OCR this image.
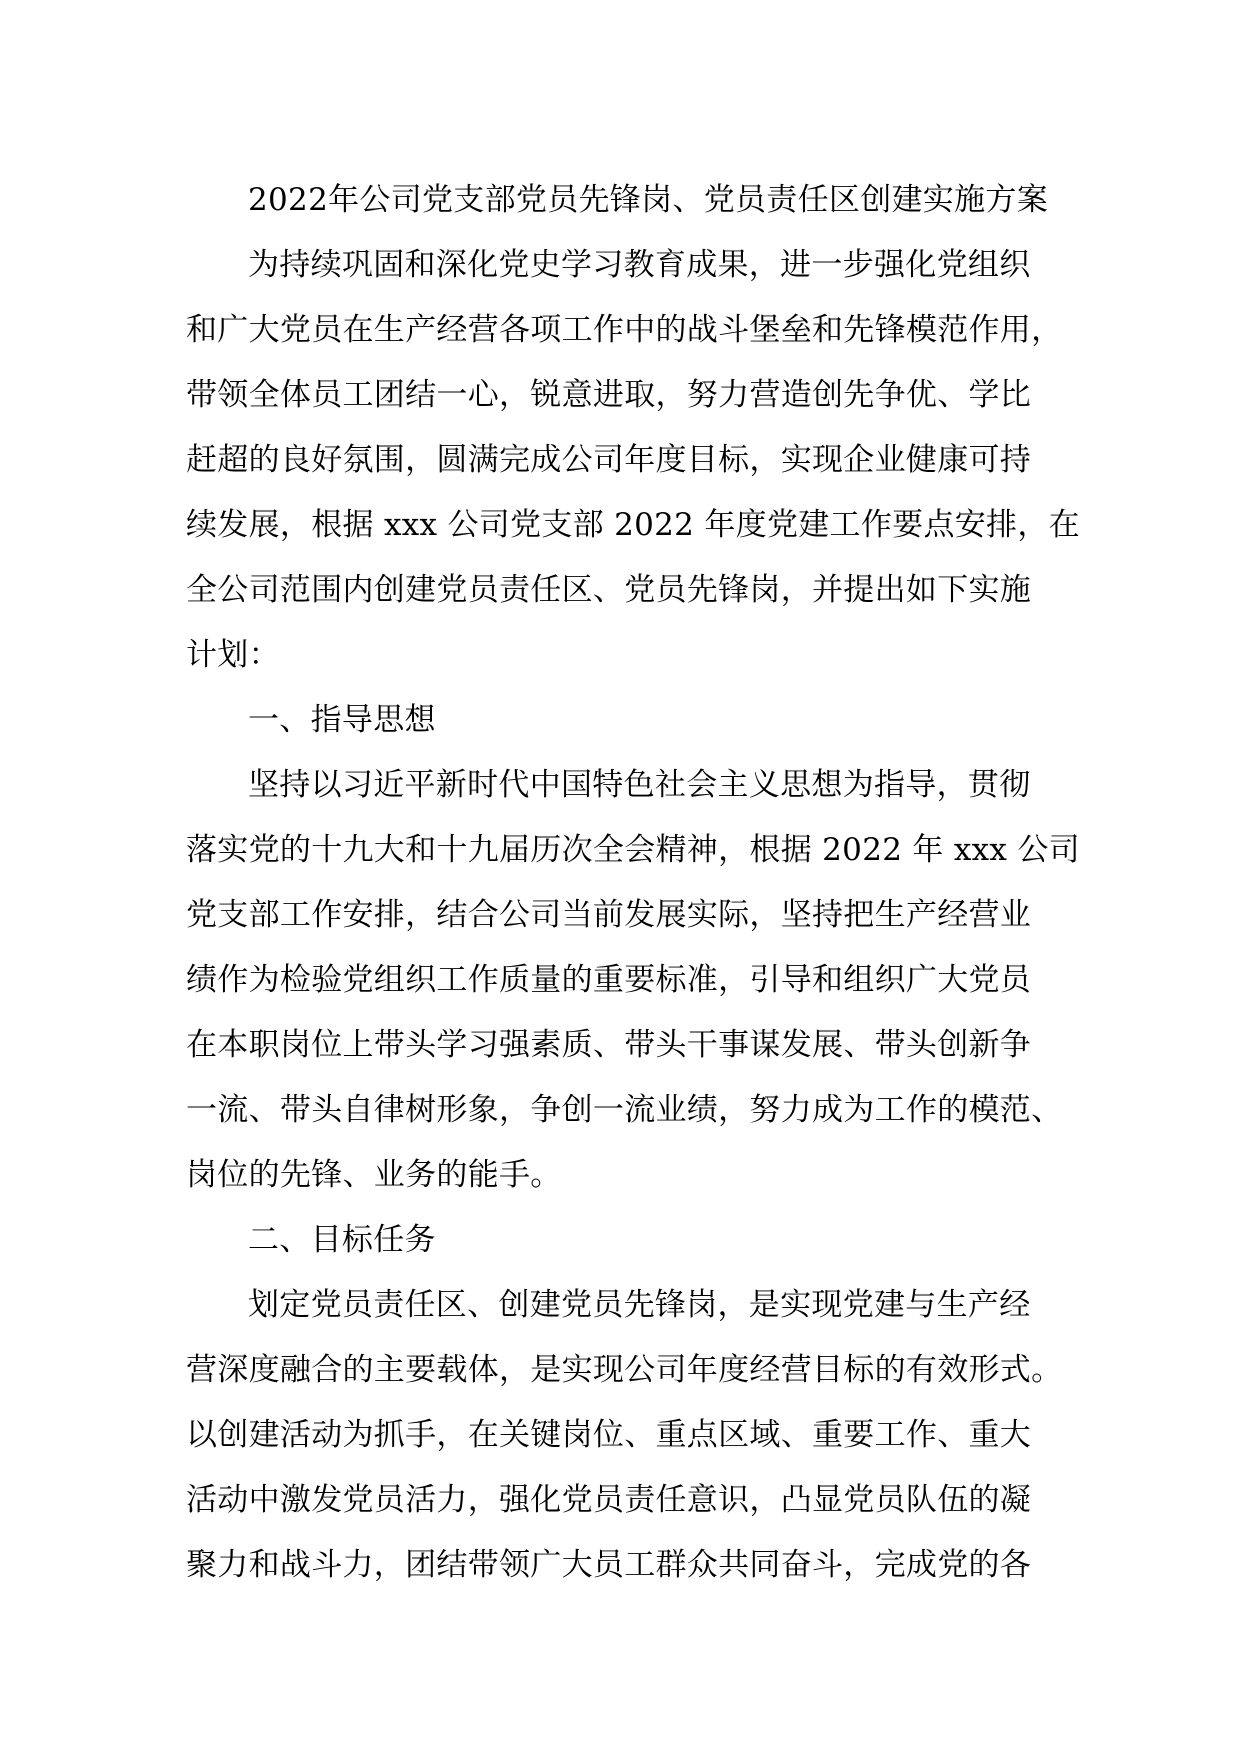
2022年公司党支部党员先锋岗、党员责任区创建实施方案
为持续巩固和深化党史学习教育成果，进一步强化党组织
和广大党员在生产经营各项工作中的战斗堡垒和先锋模范作用，
带领全体员工团结一心，锐意进取，努力营造创先争优、学比
赶超的良好氛围，圆满完成公司年度目标，实现企业健康可持
续发展，根据 xxx 公司党支部 2022 年度党建工作要点安排，在
全公司范围内创建党员责任区、党员先锋岗，并提出如下实施
计划：
一、指导思想
坚持以习近平新时代中国特色社会主义思想为指导，贯彻
落实党的十九大和十九届历次全会精神，根据 2022 年 xxx 公司
党支部工作安排，结合公司当前发展实际，坚持把生产经营业
绩作为检验党组织工作质量的重要标准，引导和组织广大党员
在本职岗位上带头学习强素质、带头干事谋发展、带头创新争
一流、带头自律树形象，争创一流业绩，努力成为工作的模范、
岗位的先锋、业务的能手。
二、目标任务
划定党员责任区、创建党员先锋岗，是实现党建与生产经
营深度融合的主要载体，是实现公司年度经营目标的有效形式。
以创建活动为抓手，在关键岗位、重点区域、重要工作、重大
活动中激发党员活力，强化党员责任意识，凸显党员队伍的凝
聚力和战斗力，团结带领广大员工群众共同奋斗，完成党的各
